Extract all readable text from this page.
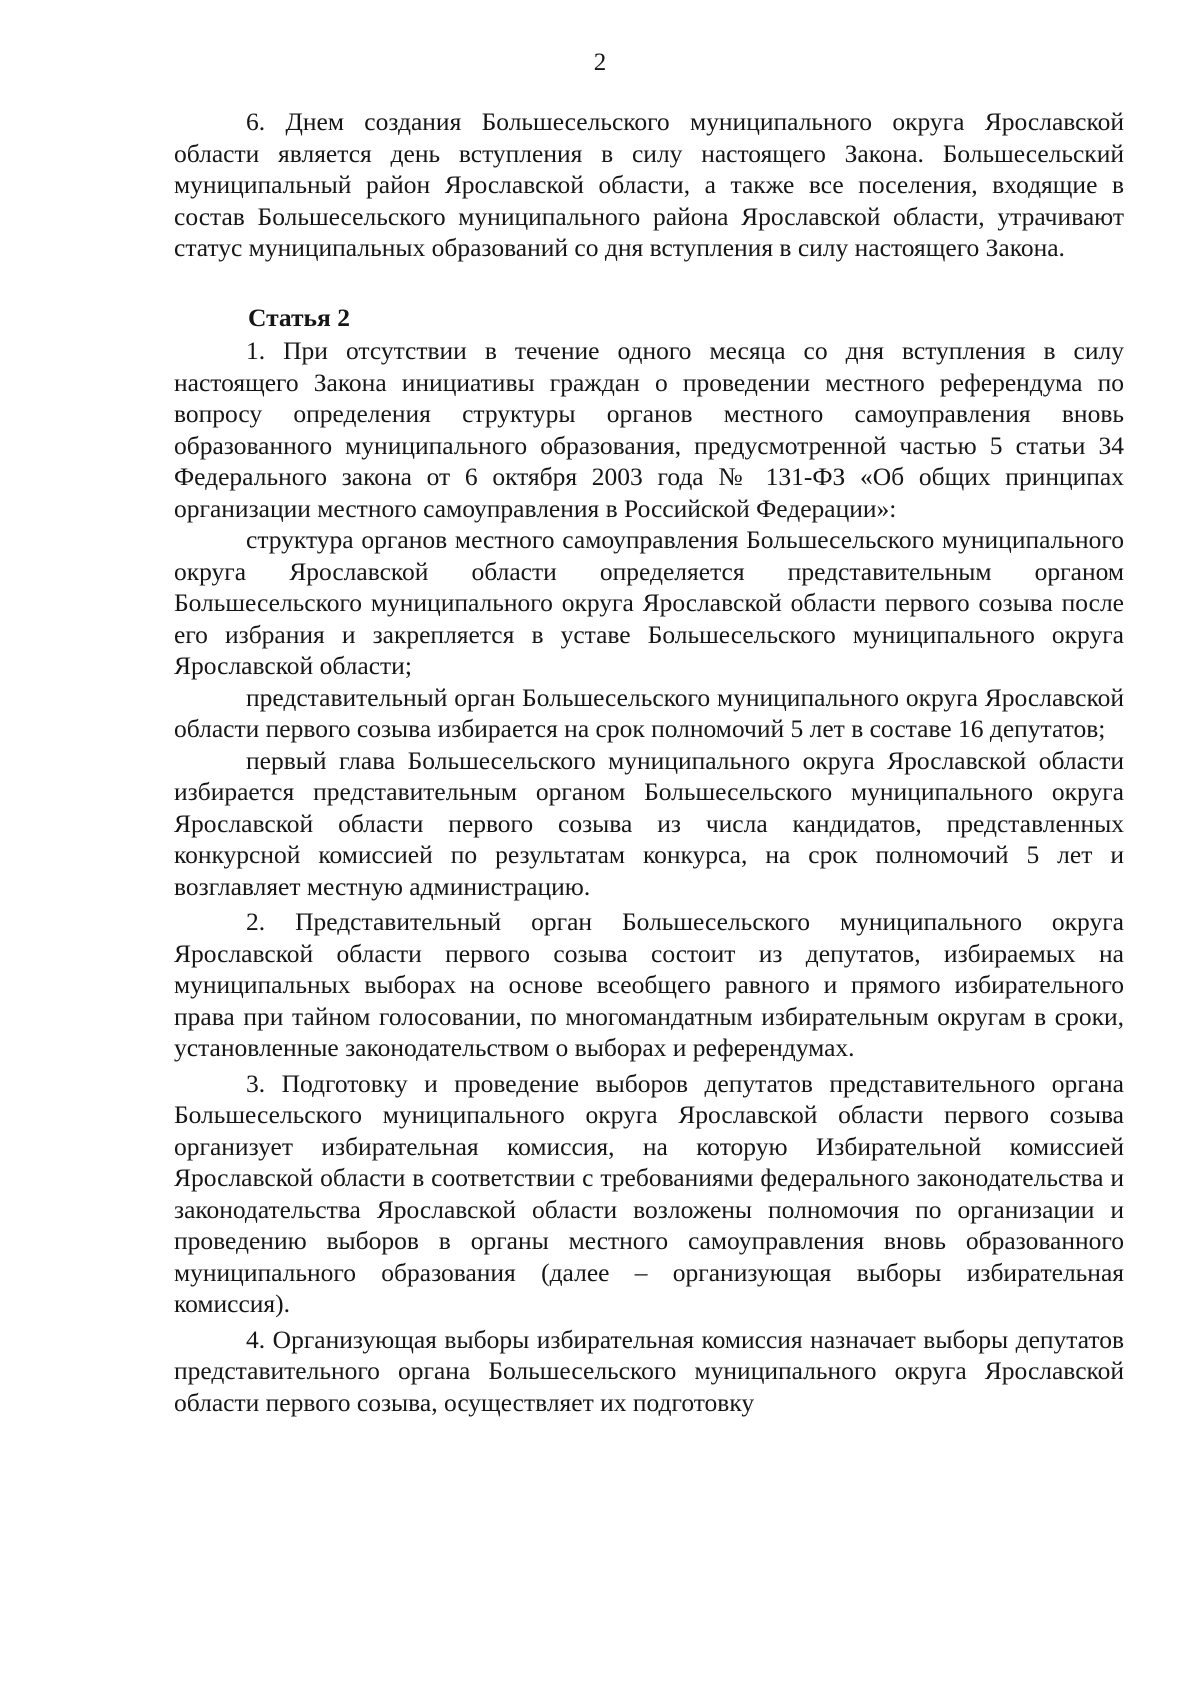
2

6. Днем создания Большесельского муниципального округа Ярославской области является день вступления в силу настоящего Закона. Большесельский муниципальный район Ярославской области, а также все поселения, входящие в состав Большесельского муниципального района Ярославской области, утрачивают статус муниципальных образований со дня вступления в силу настоящего Закона.

Статья 2

1. При отсутствии в течение одного месяца со дня вступления в силу настоящего Закона инициативы граждан о проведении местного референдума по вопросу определения структуры органов местного самоуправления вновь образованного муниципального образования, предусмотренной частью 5 статьи 34 Федерального закона от 6 октября 2003 года № 131-ФЗ «Об общих принципах организации местного самоуправления в Российской Федерации»:

структура органов местного самоуправления Большесельского муниципального округа Ярославской области определяется представительным органом Большесельского муниципального округа Ярославской области первого созыва после его избрания и закрепляется в уставе Большесельского муниципального округа Ярославской области;

представительный орган Большесельского муниципального округа Ярославской области первого созыва избирается на срок полномочий 5 лет в составе 16 депутатов;

первый глава Большесельского муниципального округа Ярославской области избирается представительным органом Большесельского муниципального округа Ярославской области первого созыва из числа кандидатов, представленных конкурсной комиссией по результатам конкурса, на срок полномочий 5 лет и возглавляет местную администрацию.

2. Представительный орган Большесельского муниципального округа Ярославской области первого созыва состоит из депутатов, избираемых на муниципальных выборах на основе всеобщего равного и прямого избирательного права при тайном голосовании, по многомандатным избирательным округам в сроки, установленные законодательством о выборах и референдумах.

3. Подготовку и проведение выборов депутатов представительного органа Большесельского муниципального округа Ярославской области первого созыва организует избирательная комиссия, на которую Избирательной комиссией Ярославской области в соответствии с требованиями федерального законодательства и законодательства Ярославской области возложены полномочия по организации и проведению выборов в органы местного самоуправления вновь образованного муниципального образования (далее – организующая выборы избирательная комиссия).

4. Организующая выборы избирательная комиссия назначает выборы депутатов представительного органа Большесельского муниципального округа Ярославской области первого созыва, осуществляет их подготовку
